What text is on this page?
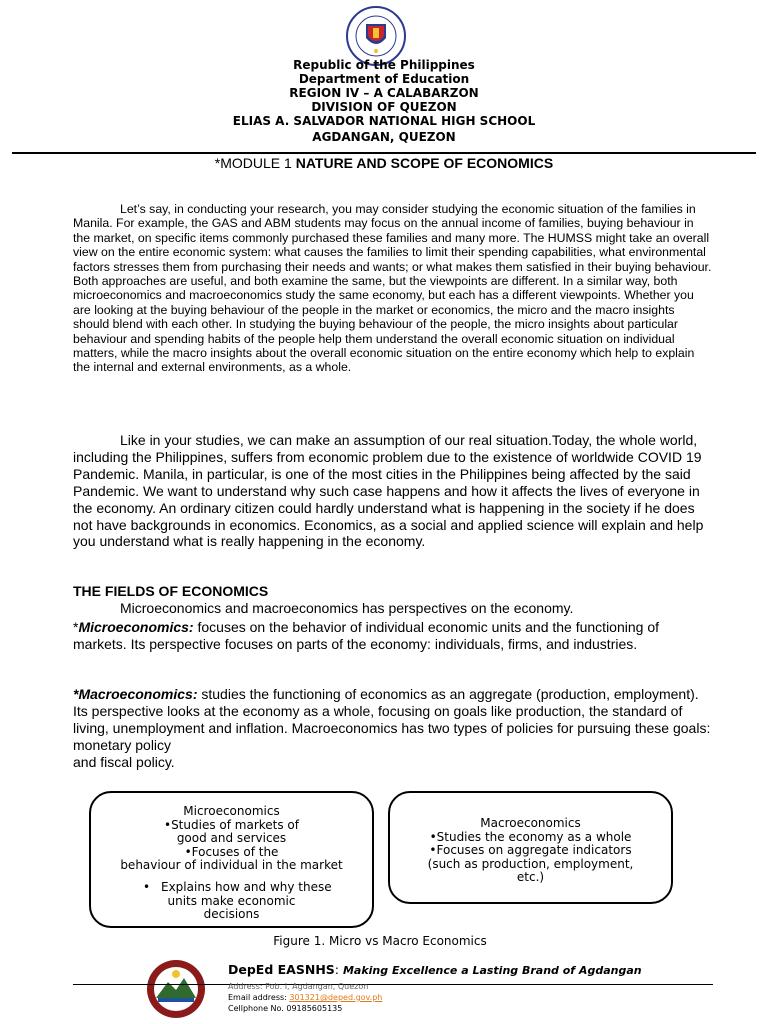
Republic of the Philippines
Department of Education
REGION IV – A CALABARZON
DIVISION OF QUEZON
ELIAS A. SALVADOR NATIONAL HIGH SCHOOL
AGDANGAN, QUEZON
*MODULE 1 NATURE AND SCOPE OF ECONOMICS
Let’s say, in conducting your research, you may consider studying the economic situation of the families in Manila. For example, the GAS and ABM students may focus on the annual income of families, buying behaviour in the market, on specific items commonly purchased these families and many more. The HUMSS might take an overall view on the entire economic system: what causes the families to limit their spending capabilities, what environmental factors stresses them from purchasing their needs and wants; or what makes them satisfied in their buying behaviour. Both approaches are useful, and both examine the same, but the viewpoints are different. In a similar way, both microeconomics and macroeconomics study the same economy, but each has a different viewpoints. Whether you are looking at the buying behaviour of the people in the market or economics, the micro and the macro insights should blend with each other. In studying the buying behaviour of the people, the micro insights about particular behaviour and spending habits of the people help them understand the overall economic situation on individual matters, while the macro insights about the overall economic situation on the entire economy which help to explain the internal and external environments, as a whole.
Like in your studies, we can make an assumption of our real situation.Today, the whole world, including the Philippines, suffers from economic problem due to the existence of worldwide COVID 19 Pandemic. Manila, in particular, is one of the most cities in the Philippines being affected by the said Pandemic. We want to understand why such case happens and how it affects the lives of everyone in the economy. An ordinary citizen could hardly understand what is happening in the society if he does not have backgrounds in economics. Economics, as a social and applied science will explain and help you understand what is really happening in the economy.
THE FIELDS OF ECONOMICS
Microeconomics and macroeconomics has perspectives on the economy.
*Microeconomics: focuses on the behavior of individual economic units and the functioning of markets. Its perspective focuses on parts of the economy: individuals, firms, and industries.
*Macroeconomics: studies the functioning of economics as an aggregate (production, employment). Its perspective looks at the economy as a whole, focusing on goals like production, the standard of living, unemployment and inflation. Macroeconomics has two types of policies for pursuing these goals: monetary policy
and fiscal policy.
Microeconomics
•Studies of markets of
good and services
•Focuses of the
behaviour of individual in the market
• Explains how and why these
units make economic
decisions
Macroeconomics
•Studies the economy as a whole
•Focuses on aggregate indicators
(such as production, employment,
etc.)
Figure 1. Micro vs Macro Economics
DepEd EASNHS: Making Excellence a Lasting Brand of Agdangan
Address: Pob. I, Agdangan, Quezon
Email address: 301321@deped.gov.ph
Cellphone No. 09185605135
